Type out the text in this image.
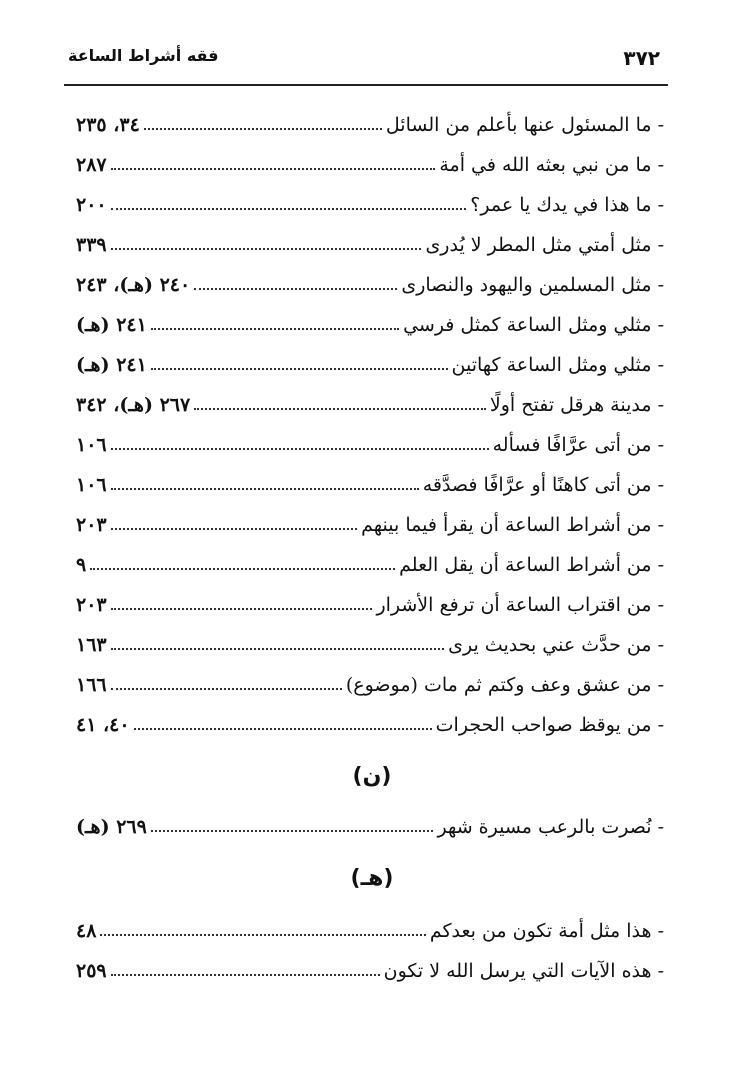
فقه أشراط الساعة	٣٧٢
٣٤، ٢٣٥	- ما المسئول عنها بأعلم من السائل
٢٨٧	- ما من نبي بعثه الله في أمة
٢٠٠	- ما هذا في يدك يا عمر؟
٣٣٩	- مثل أمتي مثل المطر لا يُدرى
٢٤٠ (هـ)، ٢٤٣	- مثل المسلمين واليهود والنصارى
٢٤١ (هـ)	- مثلي ومثل الساعة كمثل فرسي
٢٤١ (هـ)	- مثلي ومثل الساعة كهاتين
٢٦٧ (هـ)، ٣٤٢	- مدينة هرقل تفتح أولًا
١٠٦	- من أتى عرَّافًا فسأله
١٠٦	- من أتى كاهنًا أو عرَّافًا فصدَّقه
٢٠٣	- من أشراط الساعة أن يقرأ فيما بينهم
٩	- من أشراط الساعة أن يقل العلم
٢٠٣	- من اقتراب الساعة أن ترفع الأشرار
١٦٣	- من حدَّث عني بحديث يرى
١٦٦	- من عشق وعف وكتم ثم مات (موضوع)
٤٠، ٤١	- من يوقظ صواحب الحجرات
(ن)
٢٦٩ (هـ)	- نُصرت بالرعب مسيرة شهر
(هـ)
٤٨	- هذا مثل أمة تكون من بعدكم
٢٥٩	- هذه الآيات التي يرسل الله لا تكون
